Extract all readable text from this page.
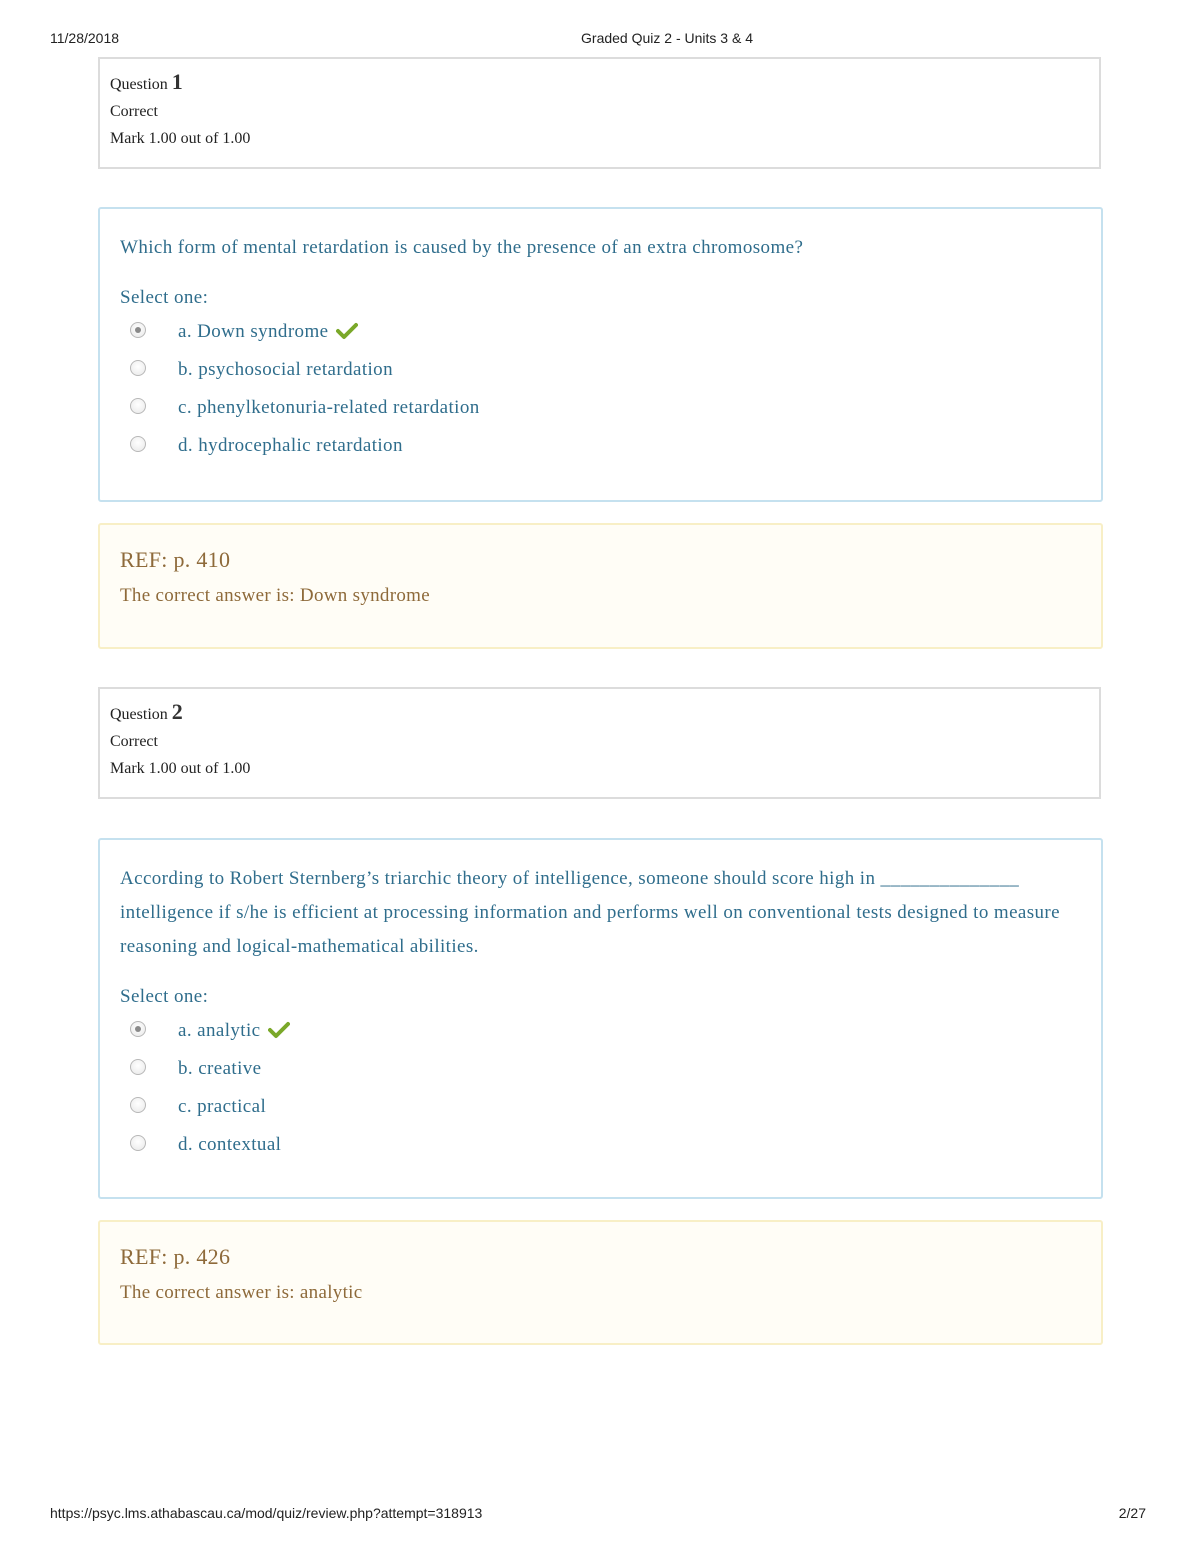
11/28/2018	Graded Quiz 2 - Units 3 & 4
Question 1
Correct
Mark 1.00 out of 1.00
Which form of mental retardation is caused by the presence of an extra chromosome?
Select one:
a. Down syndrome
b. psychosocial retardation
c. phenylketonuria-related retardation
d. hydrocephalic retardation
REF: p. 410
The correct answer is: Down syndrome
Question 2
Correct
Mark 1.00 out of 1.00
According to Robert Sternberg’s triarchic theory of intelligence, someone should score high in ______________ intelligence if s/he is efficient at processing information and performs well on conventional tests designed to measure reasoning and logical-mathematical abilities.
Select one:
a. analytic
b. creative
c. practical
d. contextual
REF: p. 426
The correct answer is: analytic
https://psyc.lms.athabascau.ca/mod/quiz/review.php?attempt=318913	2/27
